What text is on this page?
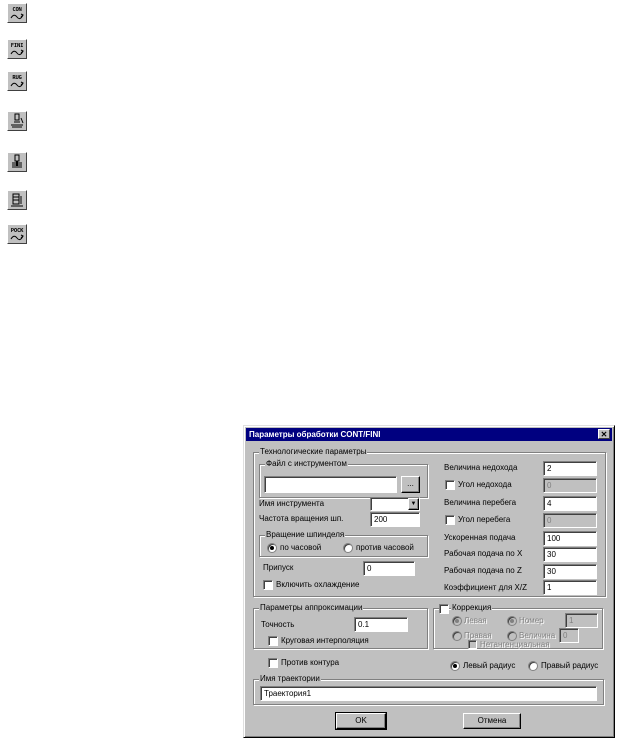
CON
FINI
RUG
POCK
Параметры обработки CONT/FINI	✕
Технологические параметры
Файл с инструментом
...
Имя инструмента	▼
Частота вращения шп.	200
Вращение шпинделя
по часовой	против часовой
Припуск	0
Включить охлаждение
Величина недохода	2
Угол недохода	0
Величина перебега	4
Угол перебега	0
Ускоренная подача	100
Рабочая подача по X	30
Рабочая подача по Z	30
Коэффициент для X/Z	1
Параметры аппроксимации
Точность	0.1
Круговая интерполяция
Коррекция
Левая	Номер	1
Правая	Величина 0
Нетангенциальная
Против контура	Левый радиус	Правый радиус
Имя траектории
Траектория1
OK	Отмена
